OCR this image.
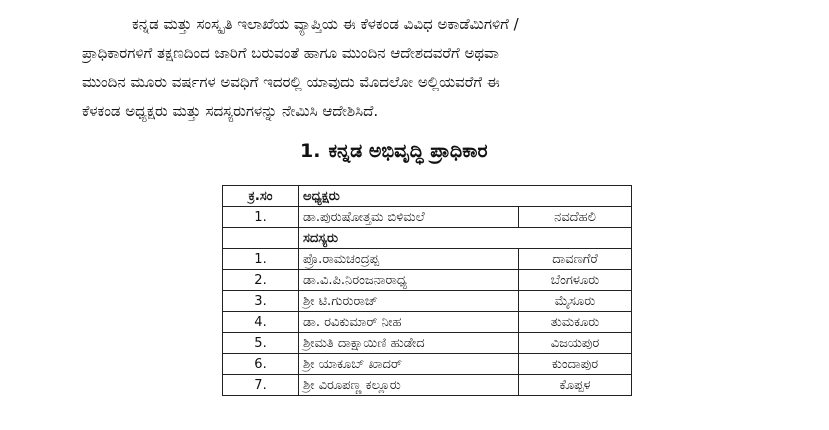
ಕನ್ನಡ ಮತ್ತು ಸಂಸ್ಕೃತಿ ಇಲಾಖೆಯ ವ್ಯಾಪ್ತಿಯ ಈ ಕೆಳಕಂಡ ವಿವಿಧ ಅಕಾಡೆಮಿಗಳಿಗೆ /
ಪ್ರಾಧಿಕಾರಗಳಿಗೆ ತಕ್ಷಣದಿಂದ ಜಾರಿಗೆ ಬರುವಂತೆ ಹಾಗೂ ಮುಂದಿನ ಆದೇಶದವರೆಗೆ ಅಥವಾ
ಮುಂದಿನ ಮೂರು ವರ್ಷಗಳ ಅವಧಿಗೆ ಇದರಲ್ಲಿ ಯಾವುದು ಮೊದಲೋ ಅಲ್ಲಿಯವರೆಗೆ ಈ
ಕೆಳಕಂಡ ಅಧ್ಯಕ್ಷರು ಮತ್ತು ಸದಸ್ಯರುಗಳನ್ನು ನೇಮಿಸಿ ಆದೇಶಿಸಿದೆ.
1. ಕನ್ನಡ ಅಭಿವೃದ್ಧಿ ಪ್ರಾಧಿಕಾರ
ಕ್ರ.ಸಂ	ಅಧ್ಯಕ್ಷರು	
1.	ಡಾ.ಪುರುಷೋತ್ತಮ ಬಿಳಿಮಲೆ	ನವದೆಹಲಿ
	ಸದಸ್ಯರು	
1.	ಪ್ರೊ.ರಾಮಚಂದ್ರಪ್ಪ	ದಾವಣಗೆರೆ
2.	ಡಾ.ವಿ.ಪಿ.ನಿರಂಜನಾರಾಧ್ಯ	ಬೆಂಗಳೂರು
3.	ಶ್ರೀ ಟಿ.ಗುರುರಾಜ್	ಮೈಸೂರು
4.	ಡಾ. ರವಿಕುಮಾರ್ ನೀಹ	ತುಮಕೂರು
5.	ಶ್ರೀಮತಿ ದಾಕ್ಷಾಯಿಣಿ ಹುಡೇದ	ವಿಜಯಪುರ
6.	ಶ್ರೀ ಯಾಕೂಬ್ ಖಾದರ್	ಕುಂದಾಪುರ
7.	ಶ್ರೀ ವಿರೂಪಣ್ಣ ಕಲ್ಲೂರು	ಕೊಪ್ಪಳ
